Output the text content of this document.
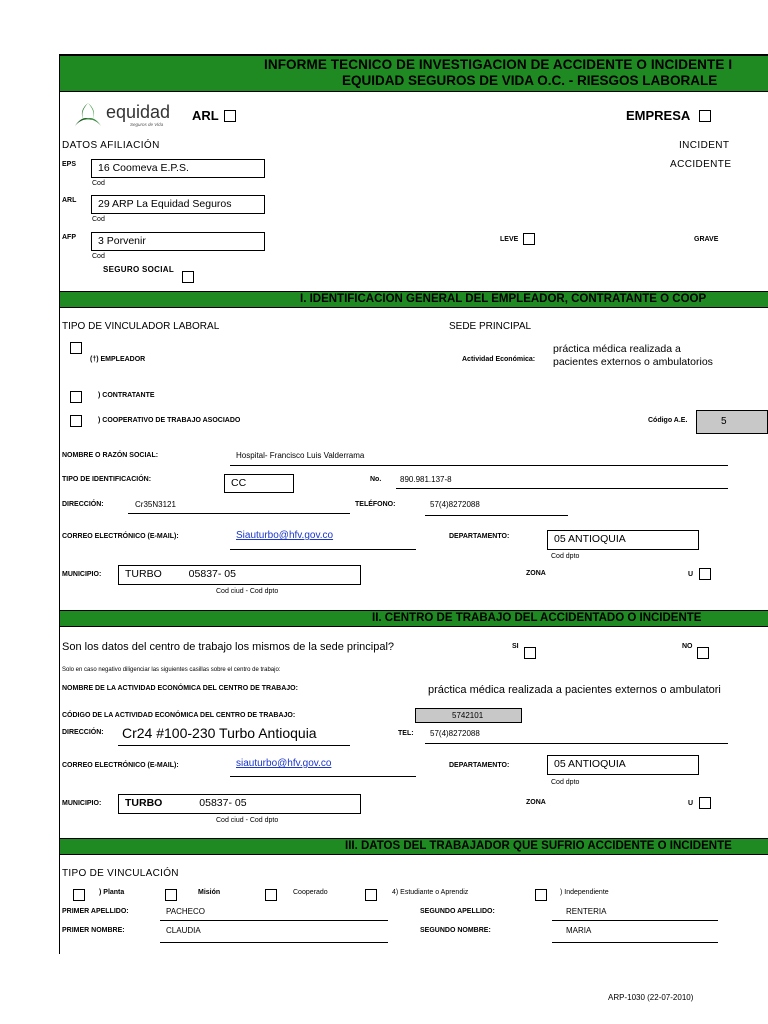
INFORME TECNICO DE INVESTIGACION DE ACCIDENTE O INCIDENTE I
EQUIDAD SEGUROS DE VIDA O.C. - RIESGOS LABORALE
equidad
Seguros de Vida
ARL	EMPRESA
DATOS AFILIACIÓN	INCIDENT
ACCIDENTE
EPS	16 Coomeva E.P.S.
Cod
ARL	29 ARP La Equidad Seguros
Cod
AFP	3 Porvenir
Cod
SEGURO SOCIAL
LEVE	GRAVE
I. IDENTIFICACION GENERAL DEL EMPLEADOR, CONTRATANTE O COOP
TIPO DE VINCULADOR LABORAL	SEDE PRINCIPAL
(†) EMPLEADOR	Actividad Económica:
práctica médica realizada a pacientes externos o ambulatorios
) CONTRATANTE
) COOPERATIVO DE TRABAJO ASOCIADO	Código A.E.	5
NOMBRE O RAZÓN SOCIAL:	Hospital- Francisco Luis Valderrama
TIPO DE IDENTIFICACIÓN:	CC	No. 890.981.137-8
DIRECCIÓN:	Cr35N3121	TELÉFONO:	57(4)8272088
CORREO ELECTRÓNICO (E-MAIL):	Siauturbo@hfv.gov.co	DEPARTAMENTO:	05 ANTIOQUIA
Cod dpto
MUNICIPIO:	TURBO	05837- 05
Cod ciud - Cod dpto
ZONA	U
II. CENTRO DE TRABAJO DEL ACCIDENTADO O INCIDENTE
Son los datos del centro de trabajo los mismos de la sede principal?	SI	NO
Solo en caso negativo diligenciar las siguientes casillas sobre el centro de trabajo:
NOMBRE DE LA ACTIVIDAD ECONÓMICA DEL CENTRO DE TRABAJO:	práctica médica realizada a pacientes externos o ambulatori
CÓDIGO DE LA ACTIVIDAD ECONÓMICA DEL CENTRO DE TRABAJO:	5742101
DIRECCIÓN: Cr24 #100-230 Turbo Antioquia	TEL: 57(4)8272088
CORREO ELECTRÓNICO (E-MAIL):	siauturbo@hfv.gov.co	DEPARTAMENTO:	05 ANTIOQUIA
Cod dpto
MUNICIPIO:	TURBO	05837- 05
Cod ciud - Cod dpto
ZONA	U
III. DATOS DEL TRABAJADOR QUE SUFRIO ACCIDENTE O INCIDENTE
TIPO DE VINCULACIÓN
) Planta	Misión	Cooperado	4) Estudiante o Aprendiz	) Independiente
PRIMER APELLIDO:	PACHECO	SEGUNDO APELLIDO:	RENTERIA
PRIMER NOMBRE:	CLAUDIA	SEGUNDO NOMBRE:	MARIA
ARP-1030 (22-07-2010)
